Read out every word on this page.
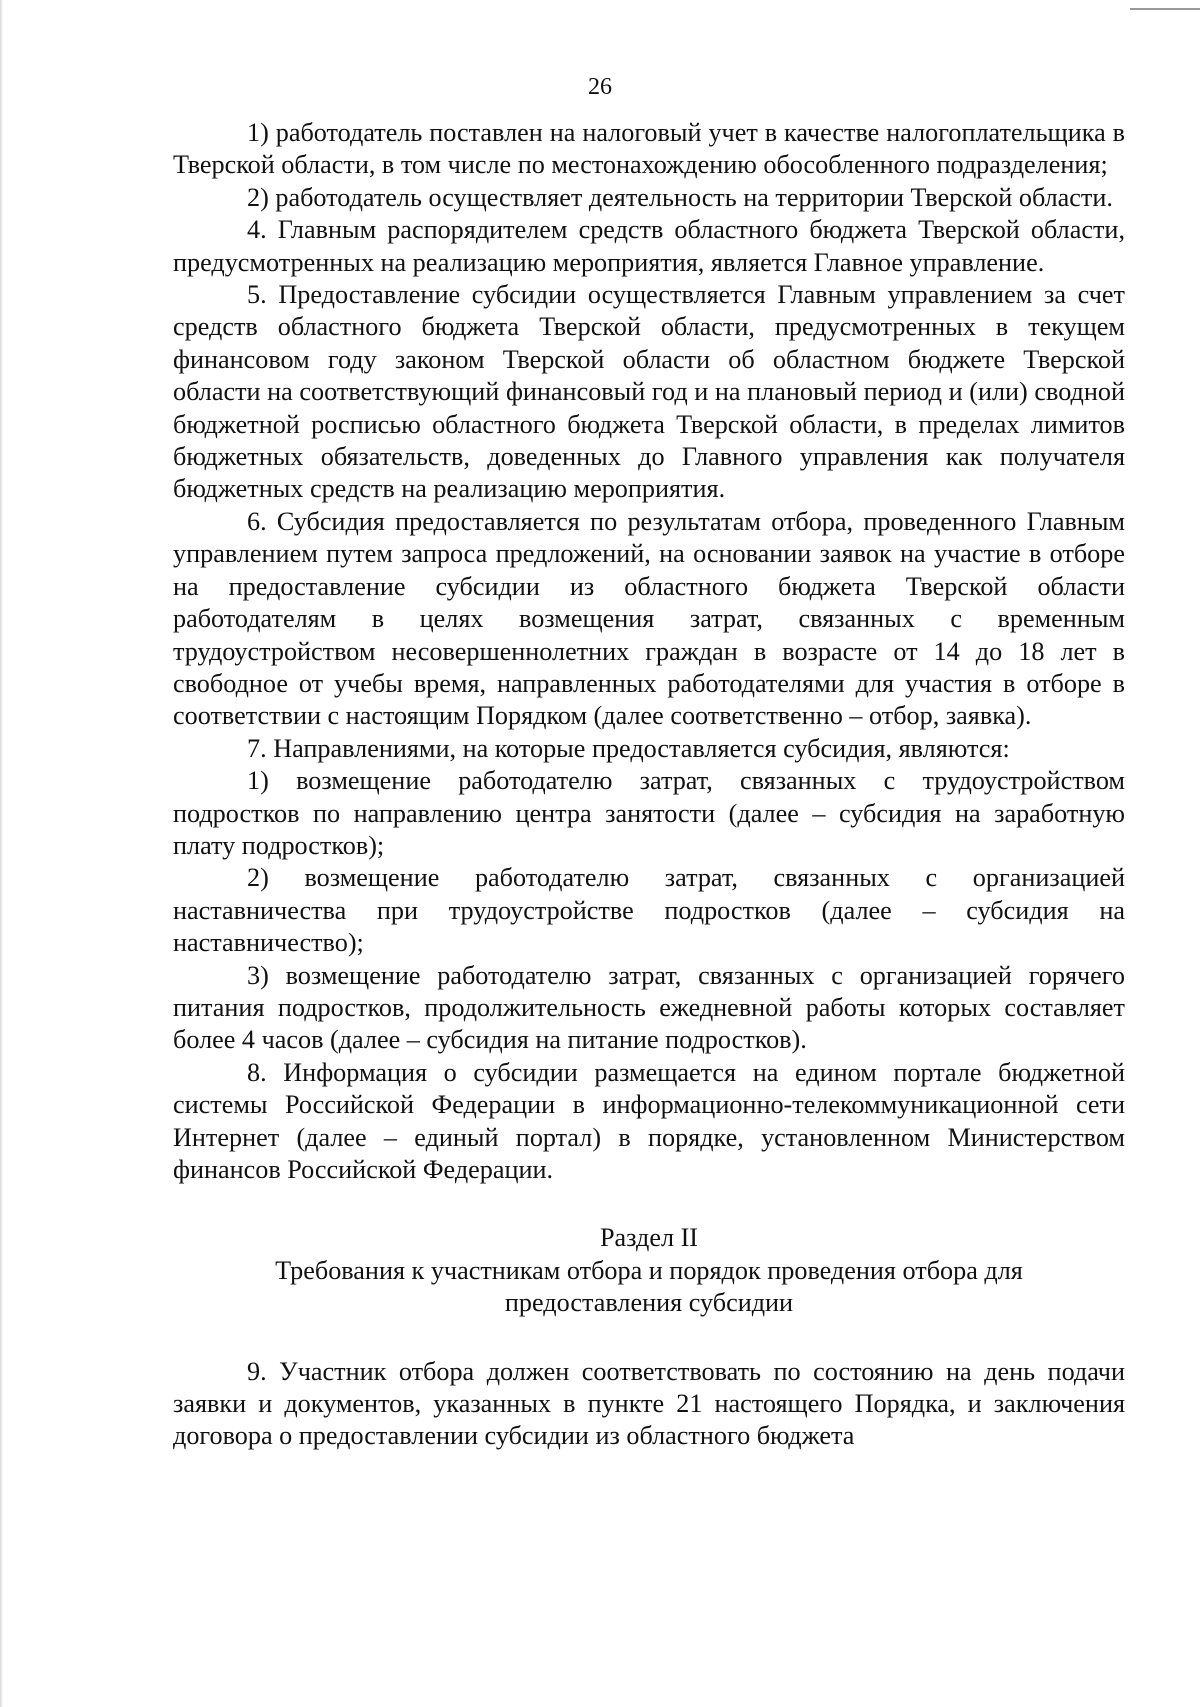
26

1) работодатель поставлен на налоговый учет в качестве налогоплательщика в Тверской области, в том числе по местонахождению обособленного подразделения;

2) работодатель осуществляет деятельность на территории Тверской области.

4. Главным распорядителем средств областного бюджета Тверской области, предусмотренных на реализацию мероприятия, является Главное управление.

5. Предоставление субсидии осуществляется Главным управлением за счет средств областного бюджета Тверской области, предусмотренных в текущем финансовом году законом Тверской области об областном бюджете Тверской области на соответствующий финансовый год и на плановый период и (или) сводной бюджетной росписью областного бюджета Тверской области, в пределах лимитов бюджетных обязательств, доведенных до Главного управления как получателя бюджетных средств на реализацию мероприятия.

6. Субсидия предоставляется по результатам отбора, проведенного Главным управлением путем запроса предложений, на основании заявок на участие в отборе на предоставление субсидии из областного бюджета Тверской области работодателям в целях возмещения затрат, связанных с временным трудоустройством несовершеннолетних граждан в возрасте от 14 до 18 лет в свободное от учебы время, направленных работодателями для участия в отборе в соответствии с настоящим Порядком (далее соответственно – отбор, заявка).

7. Направлениями, на которые предоставляется субсидия, являются:

1) возмещение работодателю затрат, связанных с трудоустройством подростков по направлению центра занятости (далее – субсидия на заработную плату подростков);

2) возмещение работодателю затрат, связанных с организацией наставничества при трудоустройстве подростков (далее – субсидия на наставничество);

3) возмещение работодателю затрат, связанных с организацией горячего питания подростков, продолжительность ежедневной работы которых составляет более 4 часов (далее – субсидия на питание подростков).

8. Информация о субсидии размещается на едином портале бюджетной системы Российской Федерации в информационно-телекоммуникационной сети Интернет (далее – единый портал) в порядке, установленном Министерством финансов Российской Федерации.

Раздел II

Требования к участникам отбора и порядок проведения отбора для предоставления субсидии

9. Участник отбора должен соответствовать по состоянию на день подачи заявки и документов, указанных в пункте 21 настоящего Порядка, и заключения договора о предоставлении субсидии из областного бюджета
